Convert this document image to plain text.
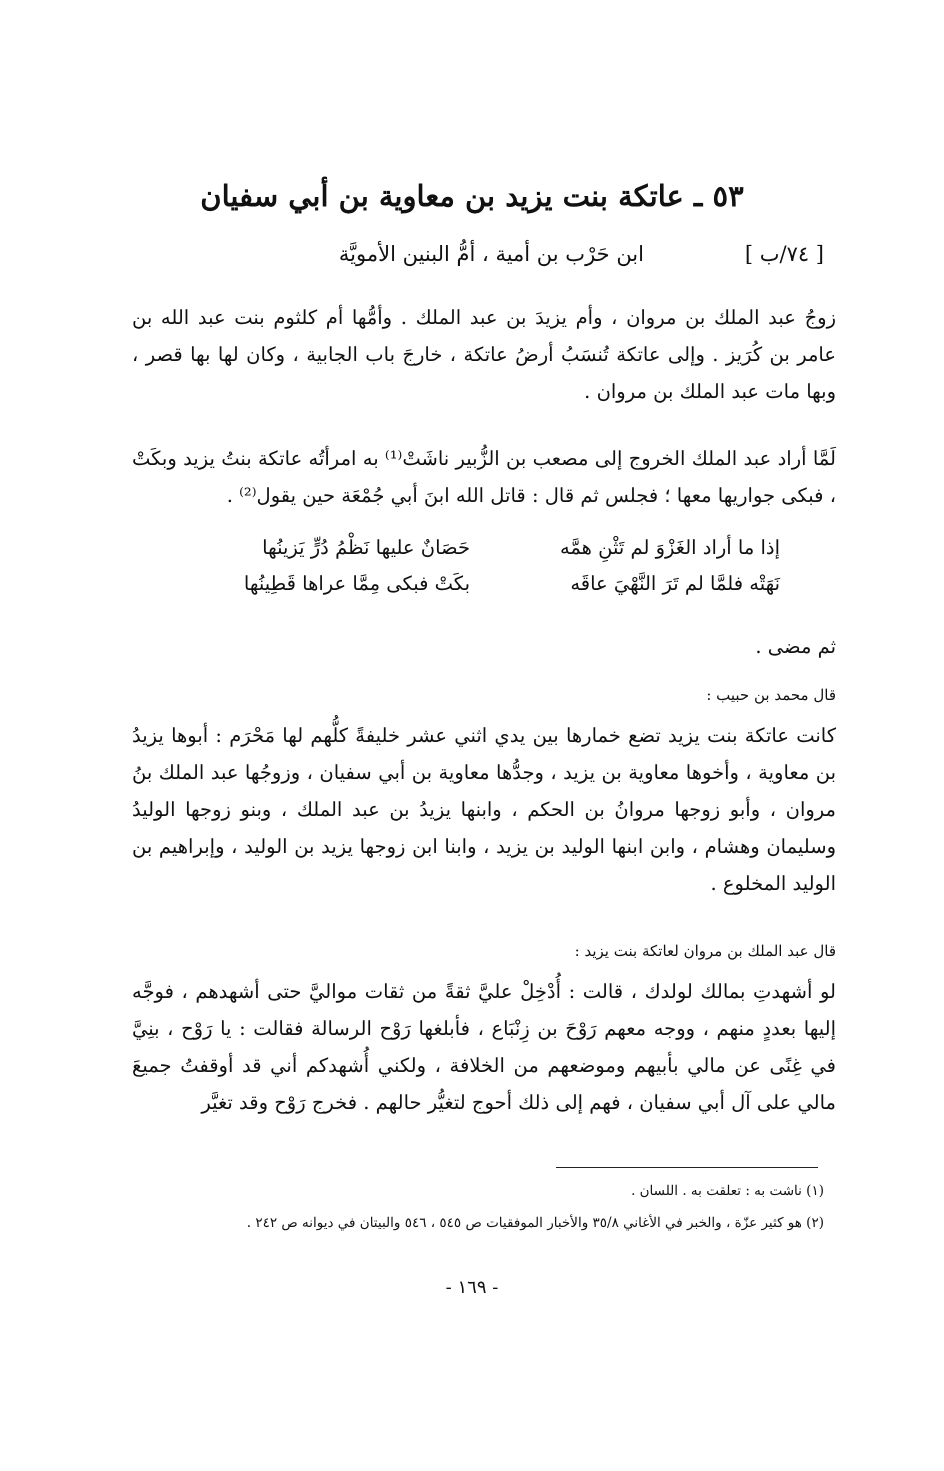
٥٣ ـ عاتكة بنت يزيد بن معاوية بن أبي سفيان
[ ٧٤/ب ]
ابن حَرْب بن أمية ، أمُّ البنين الأمويَّة

زوجُ عبد الملك بن مروان ، وأم يزيدَ بن عبد الملك . وأمُّها أم كلثوم بنت عبد الله بن عامر بن كُرَيز . وإلى عاتكة تُنسَبُ أرضُ عاتكة ، خارجَ باب الجابية ، وكان لها بها قصر ، وبها مات عبد الملك بن مروان .

لَمَّا أراد عبد الملك الخروج إلى مصعب بن الزُّبير ناشَتْ⁽¹⁾ به امرأتُه عاتكة بنتُ يزيد وبكَتْ ، فبكى جواريها معها ؛ فجلس ثم قال : قاتل الله ابنَ أبي جُمْعَة حين يقول⁽²⁾ .

إذا ما أراد الغَزْوَ لم تَثْنِ همَّه
حَصَانٌ عليها نَظْمُ دُرٍّ يَزينُها
نَهَتْه فلمَّا لم تَرَ النَّهْيَ عاقَه
بكَتْ فبكى مِمَّا عراها قَطِينُها

ثم مضى .

قال محمد بن حبيب :

كانت عاتكة بنت يزيد تضع خمارها بين يدي اثني عشر خليفةً كلُّهم لها مَحْرَم : أبوها يزيدُ بن معاوية ، وأخوها معاوية بن يزيد ، وجدُّها معاوية بن أبي سفيان ، وزوجُها عبد الملك بنُ مروان ، وأبو زوجها مروانُ بن الحكم ، وابنها يزيدُ بن عبد الملك ، وبنو زوجها الوليدُ وسليمان وهشام ، وابن ابنها الوليد بن يزيد ، وابنا ابن زوجها يزيد بن الوليد ، وإبراهيم بن الوليد المخلوع .

قال عبد الملك بن مروان لعاتكة بنت يزيد :

لو أشهدتِ بمالك لولدك ، قالت : أُدْخِلْ عليَّ ثقةً من ثقات مواليَّ حتى أشهدهم ، فوجَّه إليها بعددٍ منهم ، ووجه معهم رَوْحَ بن زِنْبَاع ، فأبلغها رَوْح الرسالة فقالت : يا رَوْح ، بنِيَّ في غِنًى عن مالي بأبيهم وموضعهم من الخلافة ، ولكني أُشهدكم أني قد أوقفتُ جميعَ مالي على آل أبي سفيان ، فهم إلى ذلك أحوج لتغيُّر حالهم . فخرج رَوْح وقد تغيَّر

(١) ناشت به : تعلقت به . اللسان .
(٢) هو كثير عزّة ، والخبر في الأغاني ٣٥/٨ والأخبار الموفقيات ص ٥٤٥ ، ٥٤٦ والبيتان في ديوانه ص ٢٤٢ .
- ١٦٩ -
